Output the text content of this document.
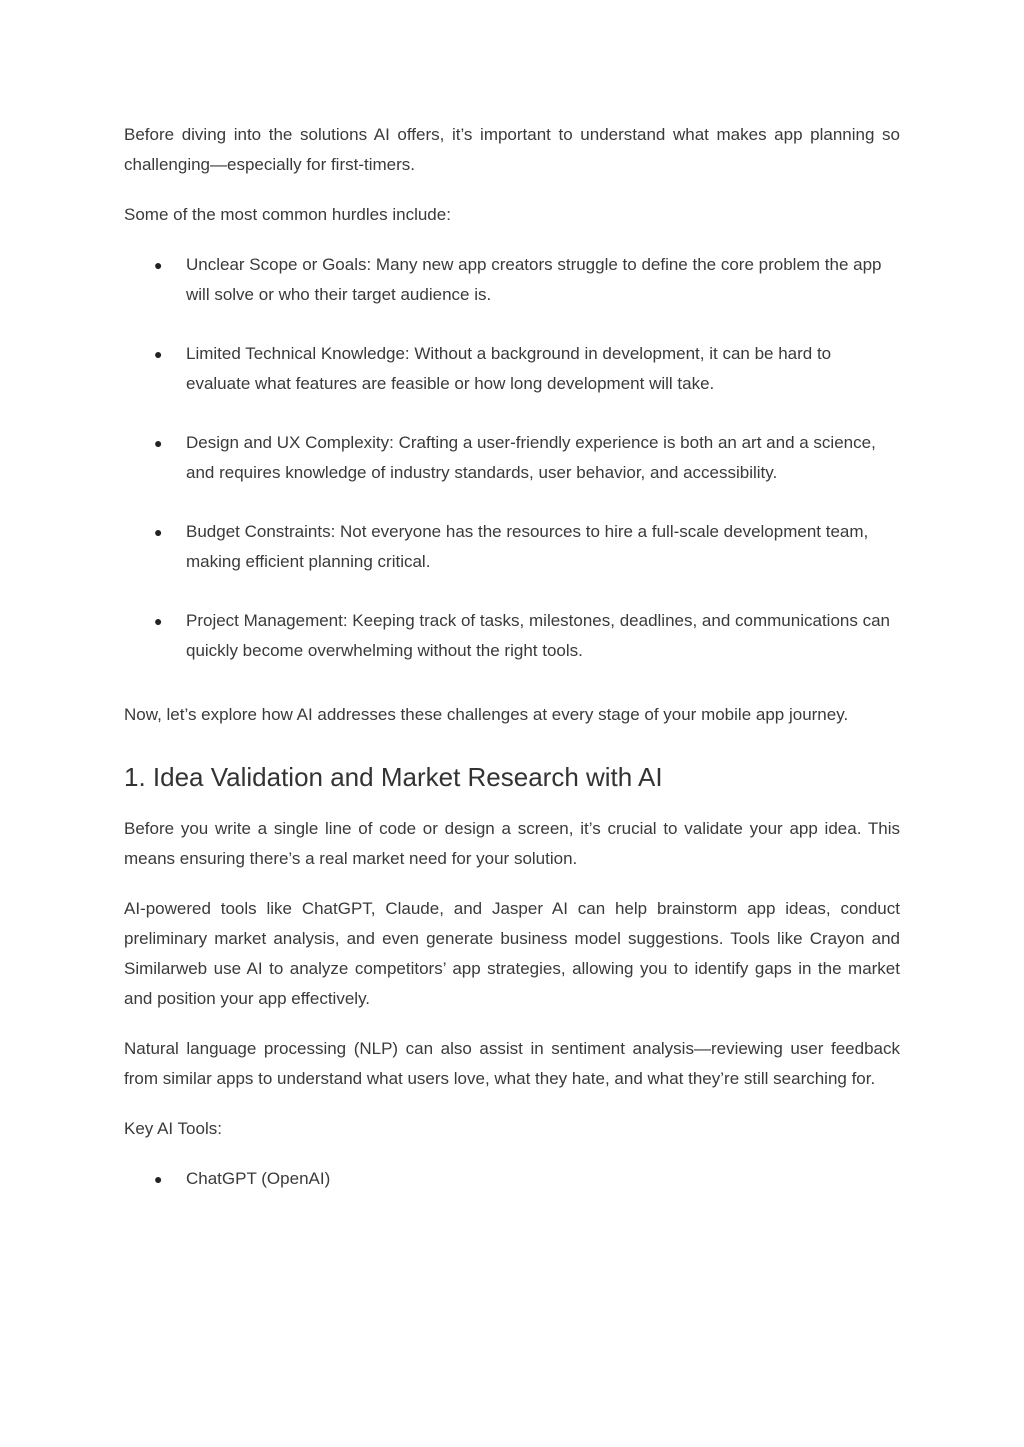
Before diving into the solutions AI offers, it’s important to understand what makes app planning so challenging—especially for first-timers.

Some of the most common hurdles include:

● Unclear Scope or Goals: Many new app creators struggle to define the core problem the app will solve or who their target audience is.
● Limited Technical Knowledge: Without a background in development, it can be hard to evaluate what features are feasible or how long development will take.
● Design and UX Complexity: Crafting a user-friendly experience is both an art and a science, and requires knowledge of industry standards, user behavior, and accessibility.
● Budget Constraints: Not everyone has the resources to hire a full-scale development team, making efficient planning critical.
● Project Management: Keeping track of tasks, milestones, deadlines, and communications can quickly become overwhelming without the right tools.

Now, let’s explore how AI addresses these challenges at every stage of your mobile app journey.

1. Idea Validation and Market Research with AI

Before you write a single line of code or design a screen, it’s crucial to validate your app idea. This means ensuring there’s a real market need for your solution.

AI-powered tools like ChatGPT, Claude, and Jasper AI can help brainstorm app ideas, conduct preliminary market analysis, and even generate business model suggestions. Tools like Crayon and Similarweb use AI to analyze competitors’ app strategies, allowing you to identify gaps in the market and position your app effectively.

Natural language processing (NLP) can also assist in sentiment analysis—reviewing user feedback from similar apps to understand what users love, what they hate, and what they’re still searching for.

Key AI Tools:

● ChatGPT (OpenAI)
